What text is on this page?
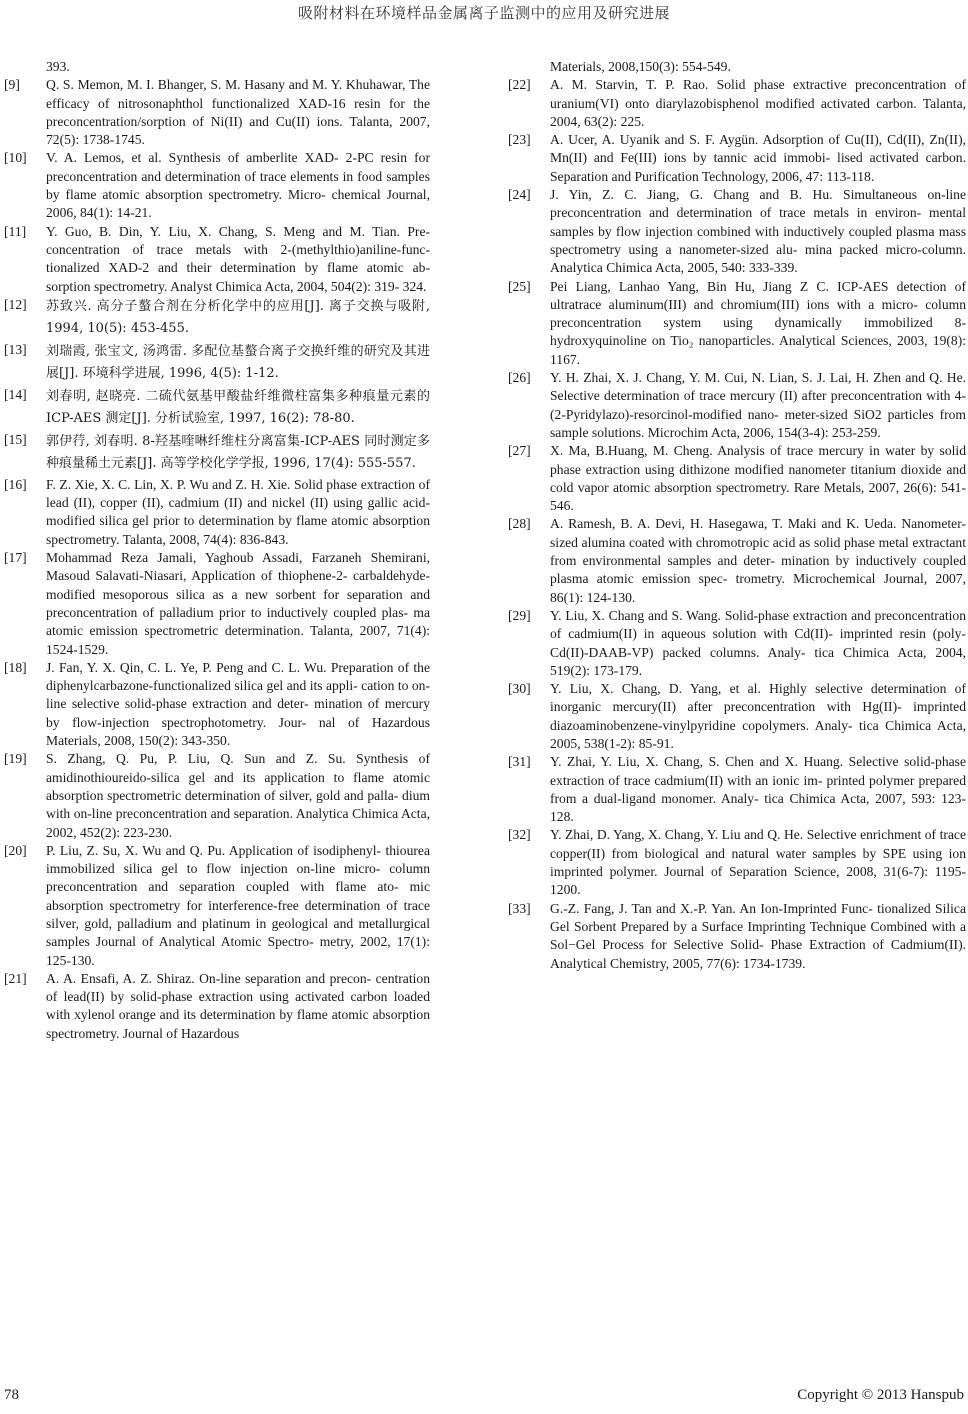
吸附材料在环境样品金属离子监测中的应用及研究进展
393.
[9]	Q. S. Memon, M. I. Bhanger, S. M. Hasany and M. Y. Khuhawar, The efficacy of nitrosonaphthol functionalized XAD-16 resin for the preconcentration/sorption of Ni(II) and Cu(II) ions. Talanta, 2007, 72(5): 1738-1745.
[10]	V. A. Lemos, et al. Synthesis of amberlite XAD- 2-PC resin for preconcentration and determination of trace elements in food samples by flame atomic absorption spectrometry. Micro- chemical Journal, 2006, 84(1): 14-21.
[11]	Y. Guo, B. Din, Y. Liu, X. Chang, S. Meng and M. Tian. Pre- concentration of trace metals with 2-(methylthio)aniline-func- tionalized XAD-2 and their determination by flame atomic ab- sorption spectrometry. Analyst Chimica Acta, 2004, 504(2): 319- 324.
[12]	苏致兴. 高分子螯合剂在分析化学中的应用[J]. 离子交换与吸附, 1994, 10(5): 453-455.
[13]	刘瑞霞, 张宝文, 汤鸿雷. 多配位基螯合离子交换纤维的研究及其进展[J]. 环境科学进展, 1996, 4(5): 1-12.
[14]	刘春明, 赵晓亮. 二硫代氨基甲酸盐纤维微柱富集多种痕量元素的 ICP-AES 测定[J]. 分析试验室, 1997, 16(2): 78-80.
[15]	郭伊荇, 刘春明. 8-羟基喹啉纤维柱分离富集-ICP-AES 同时测定多种痕量稀土元素[J]. 高等学校化学学报, 1996, 17(4): 555-557.
[16]	F. Z. Xie, X. C. Lin, X. P. Wu and Z. H. Xie. Solid phase extraction of lead (II), copper (II), cadmium (II) and nickel (II) using gallic acid-modified silica gel prior to determination by flame atomic absorption spectrometry. Talanta, 2008, 74(4): 836-843.
[17]	Mohammad Reza Jamali, Yaghoub Assadi, Farzaneh Shemirani, Masoud Salavati-Niasari, Application of thiophene-2- carbaldehyde-modified mesoporous silica as a new sorbent for separation and preconcentration of palladium prior to inductively coupled plas- ma atomic emission spectrometric determination. Talanta, 2007, 71(4): 1524-1529.
[18]	J. Fan, Y. X. Qin, C. L. Ye, P. Peng and C. L. Wu. Preparation of the diphenylcarbazone-functionalized silica gel and its appli- cation to on-line selective solid-phase extraction and deter- mination of mercury by flow-injection spectrophotometry. Jour- nal of Hazardous Materials, 2008, 150(2): 343-350.
[19]	S. Zhang, Q. Pu, P. Liu, Q. Sun and Z. Su. Synthesis of amidinothioureido-silica gel and its application to flame atomic absorption spectrometric determination of silver, gold and palla- dium with on-line preconcentration and separation. Analytica Chimica Acta, 2002, 452(2): 223-230.
[20]	P. Liu, Z. Su, X. Wu and Q. Pu. Application of isodiphenyl- thiourea immobilized silica gel to flow injection on-line micro- column preconcentration and separation coupled with flame ato- mic absorption spectrometry for interference-free determination of trace silver, gold, palladium and platinum in geological and metallurgical samples Journal of Analytical Atomic Spectro- metry, 2002, 17(1): 125-130.
[21]	A. A. Ensafi, A. Z. Shiraz. On-line separation and precon- centration of lead(II) by solid-phase extraction using activated carbon loaded with xylenol orange and its determination by flame atomic absorption spectrometry. Journal of Hazardous
Materials, 2008,150(3): 554-549.
[22]	A. M. Starvin, T. P. Rao. Solid phase extractive preconcentration of uranium(VI) onto diarylazobisphenol modified activated carbon. Talanta, 2004, 63(2): 225.
[23]	A. Ucer, A. Uyanik and S. F. Aygün. Adsorption of Cu(II), Cd(II), Zn(II), Mn(II) and Fe(III) ions by tannic acid immobi- lised activated carbon. Separation and Purification Technology, 2006, 47: 113-118.
[24]	J. Yin, Z. C. Jiang, G. Chang and B. Hu. Simultaneous on-line preconcentration and determination of trace metals in environ- mental samples by flow injection combined with inductively coupled plasma mass spectrometry using a nanometer-sized alu- mina packed micro-column. Analytica Chimica Acta, 2005, 540: 333-339.
[25]	Pei Liang, Lanhao Yang, Bin Hu, Jiang Z C. ICP-AES detection of ultratrace aluminum(III) and chromium(III) ions with a micro- column preconcentration system using dynamically immobilized 8-hydroxyquinoline on Tio₂ nanoparticles. Analytical Sciences, 2003, 19(8): 1167.
[26]	Y. H. Zhai, X. J. Chang, Y. M. Cui, N. Lian, S. J. Lai, H. Zhen and Q. He. Selective determination of trace mercury (II) after preconcentration with 4-(2-Pyridylazo)-resorcinol-modified nano- meter-sized SiO2 particles from sample solutions. Microchim Acta, 2006, 154(3-4): 253-259.
[27]	X. Ma, B.Huang, M. Cheng. Analysis of trace mercury in water by solid phase extraction using dithizone modified nanometer titanium dioxide and cold vapor atomic absorption spectrometry. Rare Metals, 2007, 26(6): 541-546.
[28]	A. Ramesh, B. A. Devi, H. Hasegawa, T. Maki and K. Ueda. Nanometer-sized alumina coated with chromotropic acid as solid phase metal extractant from environmental samples and deter- mination by inductively coupled plasma atomic emission spec- trometry. Microchemical Journal, 2007, 86(1): 124-130.
[29]	Y. Liu, X. Chang and S. Wang. Solid-phase extraction and preconcentration of cadmium(II) in aqueous solution with Cd(II)- imprinted resin (poly-Cd(II)-DAAB-VP) packed columns. Analy- tica Chimica Acta, 2004, 519(2): 173-179.
[30]	Y. Liu, X. Chang, D. Yang, et al. Highly selective determination of inorganic mercury(II) after preconcentration with Hg(II)- imprinted diazoaminobenzene-vinylpyridine copolymers. Analy- tica Chimica Acta, 2005, 538(1-2): 85-91.
[31]	Y. Zhai, Y. Liu, X. Chang, S. Chen and X. Huang. Selective solid-phase extraction of trace cadmium(II) with an ionic im- printed polymer prepared from a dual-ligand monomer. Analy- tica Chimica Acta, 2007, 593: 123-128.
[32]	Y. Zhai, D. Yang, X. Chang, Y. Liu and Q. He. Selective enrichment of trace copper(II) from biological and natural water samples by SPE using ion imprinted polymer. Journal of Separation Science, 2008, 31(6-7): 1195-1200.
[33]	G.-Z. Fang, J. Tan and X.-P. Yan. An Ion-Imprinted Func- tionalized Silica Gel Sorbent Prepared by a Surface Imprinting Technique Combined with a Sol−Gel Process for Selective Solid- Phase Extraction of Cadmium(II). Analytical Chemistry, 2005, 77(6): 1734-1739.
78	Copyright © 2013 Hanspub
